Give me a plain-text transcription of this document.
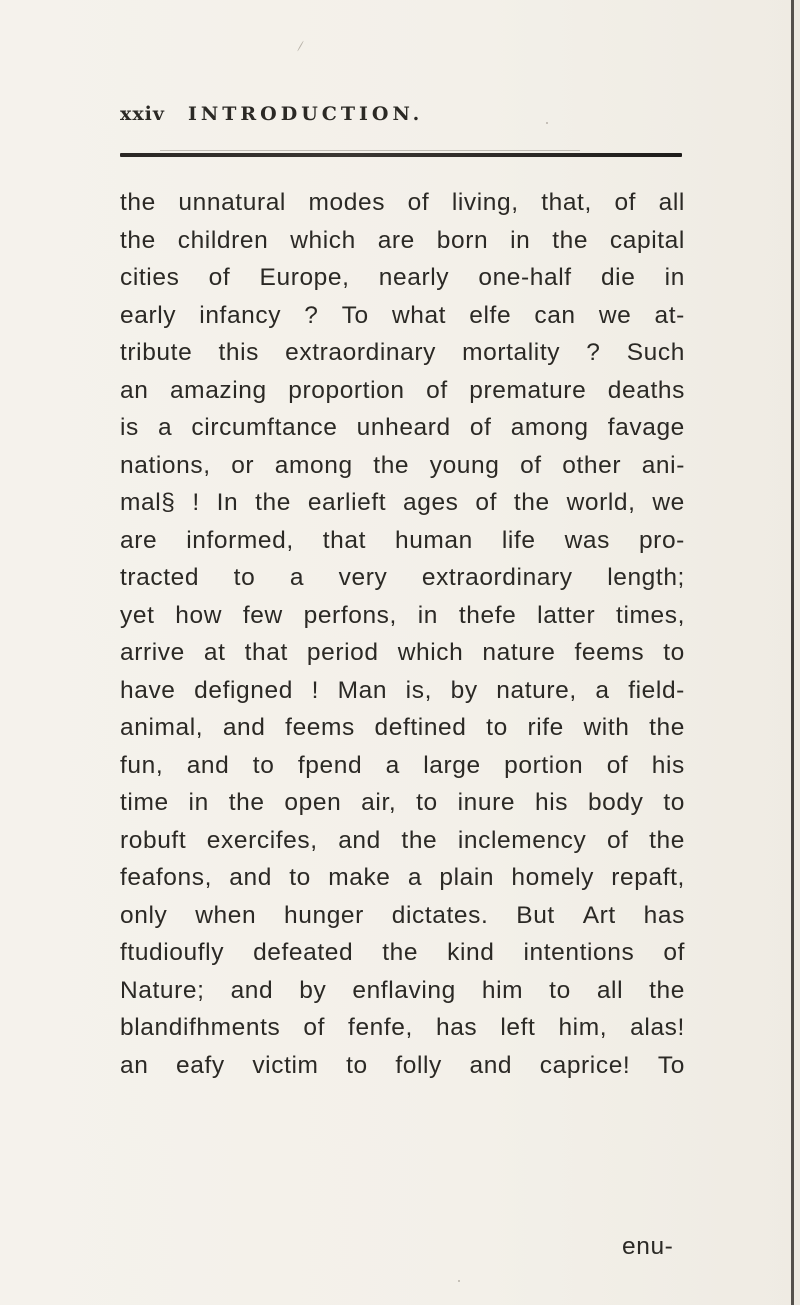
xxiv INTRODUCTION.
the unnatural modes of living, that, of all
the children which are born in the capital
cities of Europe, nearly one-half die in
early infancy ? To what elfe can we at-
tribute this extraordinary mortality ? Such
an amazing proportion of premature deaths
is a circumftance unheard of among favage
nations, or among the young of other ani-
mal§ ! In the earlieft ages of the world, we
are informed, that human life was pro-
tracted to a very extraordinary length;
yet how few perfons, in thefe latter times,
arrive at that period which nature feems to
have defigned ! Man is, by nature, a field-
animal, and feems deftined to rife with the
fun, and to fpend a large portion of his
time in the open air, to inure his body to
robuft exercifes, and the inclemency of the
feafons, and to make a plain homely repaft,
only when hunger dictates. But Art has
ftudioufly defeated the kind intentions of
Nature; and by enflaving him to all the
blandifhments of fenfe, has left him, alas!
an eafy victim to folly and caprice! To
enu-
